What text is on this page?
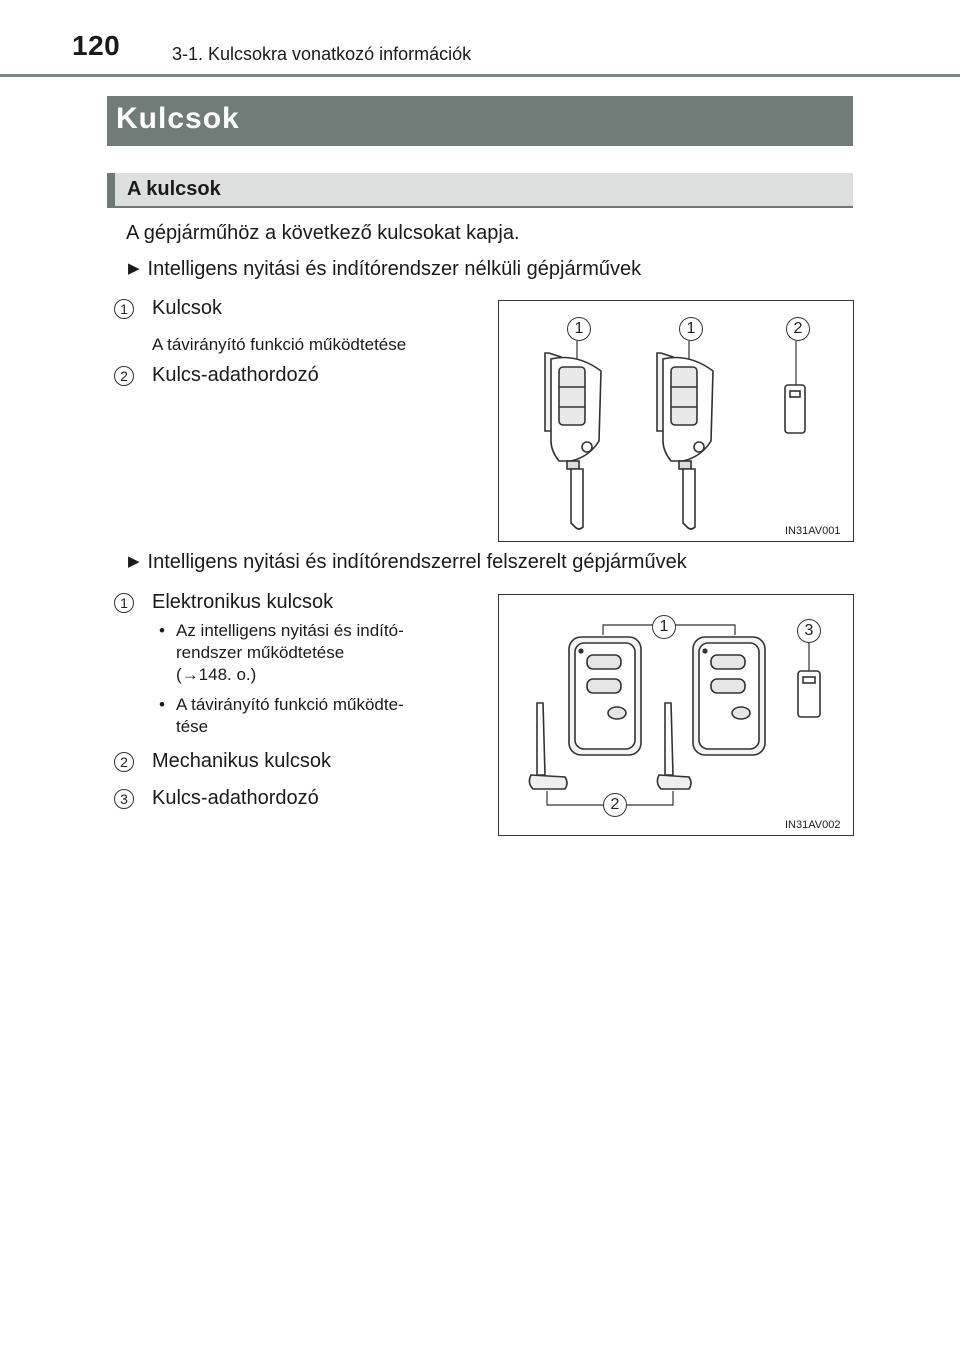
120	3-1. Kulcsokra vonatkozó információk
Kulcsok
A kulcsok
A gépjárműhöz a következő kulcsokat kapja.
▶ Intelligens nyitási és indítórendszer nélküli gépjárművek
1	Kulcsok
A távirányító funkció működtetése
2	Kulcs-adathordozó
1	1	2
IN31AV001
▶ Intelligens nyitási és indítórendszerrel felszerelt gépjárművek
1	Elektronikus kulcsok
• Az intelligens nyitási és indító-
rendszer működtetése
(→148. o.)
• A távirányító funkció működte-
tése
2	Mechanikus kulcsok
3	Kulcs-adathordozó
1
2
3
IN31AV002
